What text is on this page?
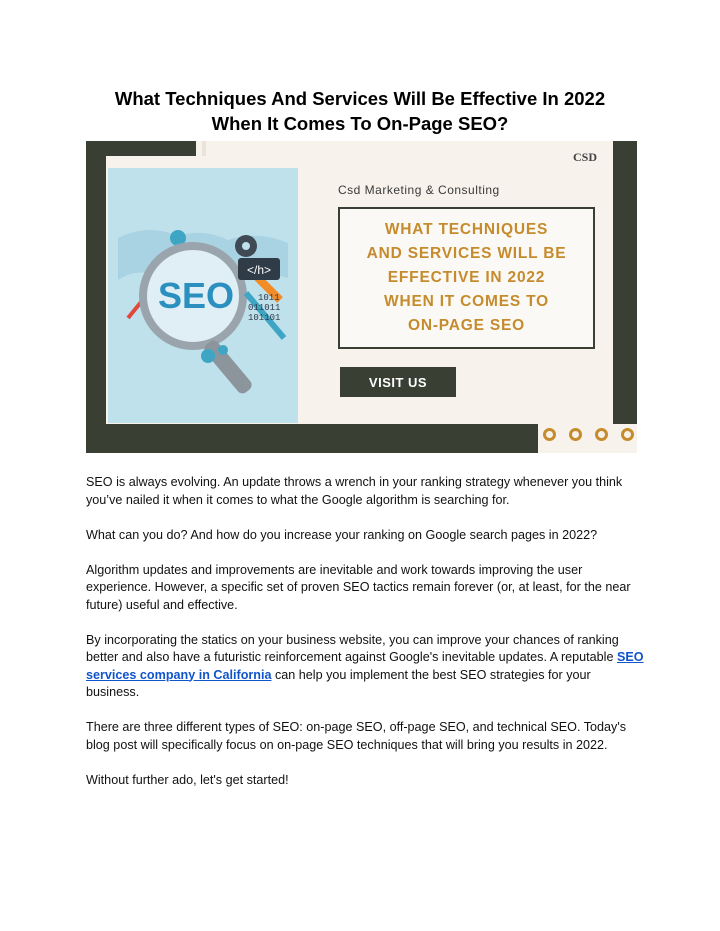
What Techniques And Services Will Be Effective In 2022
When It Comes To On-Page SEO?
</h>
SEO	1011
011011
101101
CSD
Csd Marketing & Consulting
WHAT TECHNIQUES
AND SERVICES WILL BE
EFFECTIVE IN 2022
WHEN IT COMES TO
ON-PAGE SEO
VISIT US

SEO is always evolving. An update throws a wrench in your ranking strategy whenever you think you’ve nailed it when it comes to what the Google algorithm is searching for.

What can you do? And how do you increase your ranking on Google search pages in 2022?

Algorithm updates and improvements are inevitable and work towards improving the user experience. However, a specific set of proven SEO tactics remain forever (or, at least, for the near future) useful and effective.

By incorporating the statics on your business website, you can improve your chances of ranking better and also have a futuristic reinforcement against Google's inevitable updates. A reputable SEO services company in California can help you implement the best SEO strategies for your business.

There are three different types of SEO: on-page SEO, off-page SEO, and technical SEO. Today's blog post will specifically focus on on-page SEO techniques that will bring you results in 2022.

Without further ado, let's get started!
